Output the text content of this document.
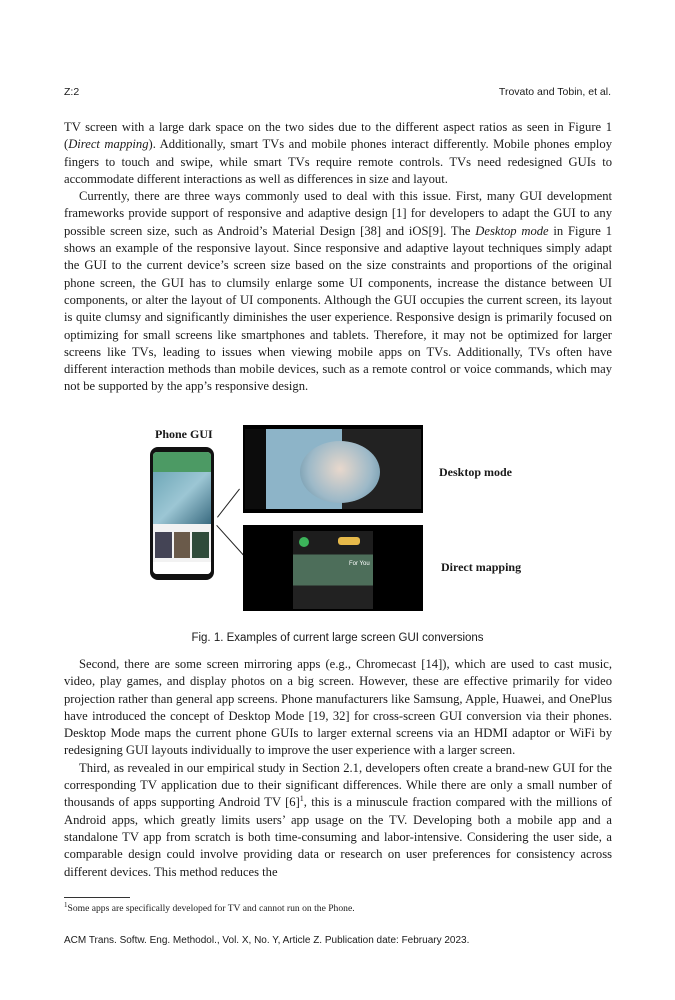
Z:2	Trovato and Tobin, et al.

TV screen with a large dark space on the two sides due to the different aspect ratios as seen in Figure 1 (Direct mapping). Additionally, smart TVs and mobile phones interact differently. Mobile phones employ fingers to touch and swipe, while smart TVs require remote controls. TVs need redesigned GUIs to accommodate different interactions as well as differences in size and layout.

Currently, there are three ways commonly used to deal with this issue. First, many GUI development frameworks provide support of responsive and adaptive design [1] for developers to adapt the GUI to any possible screen size, such as Android’s Material Design [38] and iOS[9]. The Desktop mode in Figure 1 shows an example of the responsive layout. Since responsive and adaptive layout techniques simply adapt the GUI to the current device’s screen size based on the size constraints and proportions of the original phone screen, the GUI has to clumsily enlarge some UI components, increase the distance between UI components, or alter the layout of UI components. Although the GUI occupies the current screen, its layout is quite clumsy and significantly diminishes the user experience. Responsive design is primarily focused on optimizing for small screens like smartphones and tablets. Therefore, it may not be optimized for larger screens like TVs, leading to issues when viewing mobile apps on TVs. Additionally, TVs often have different interaction methods than mobile devices, such as a remote control or voice commands, which may not be supported by the app’s responsive design.

Phone GUI
For You
Desktop mode
Direct mapping
Fig. 1. Examples of current large screen GUI conversions

Second, there are some screen mirroring apps (e.g., Chromecast [14]), which are used to cast music, video, play games, and display photos on a big screen. However, these are effective primarily for video projection rather than general app screens. Phone manufacturers like Samsung, Apple, Huawei, and OnePlus have introduced the concept of Desktop Mode [19, 32] for cross-screen GUI conversion via their phones. Desktop Mode maps the current phone GUIs to larger external screens via an HDMI adaptor or WiFi by redesigning GUI layouts individually to improve the user experience with a larger screen.

Third, as revealed in our empirical study in Section 2.1, developers often create a brand-new GUI for the corresponding TV application due to their significant differences. While there are only a small number of thousands of apps supporting Android TV $[6]^1$, this is a minuscule fraction compared with the millions of Android apps, which greatly limits users’ app usage on the TV. Developing both a mobile app and a standalone TV app from scratch is both time-consuming and labor-intensive. Considering the user side, a comparable design could involve providing data or research on user preferences for consistency across different devices. This method reduces the

$^1$Some apps are specifically developed for TV and cannot run on the Phone.
ACM Trans. Softw. Eng. Methodol., Vol. X, No. Y, Article Z. Publication date: February 2023.
